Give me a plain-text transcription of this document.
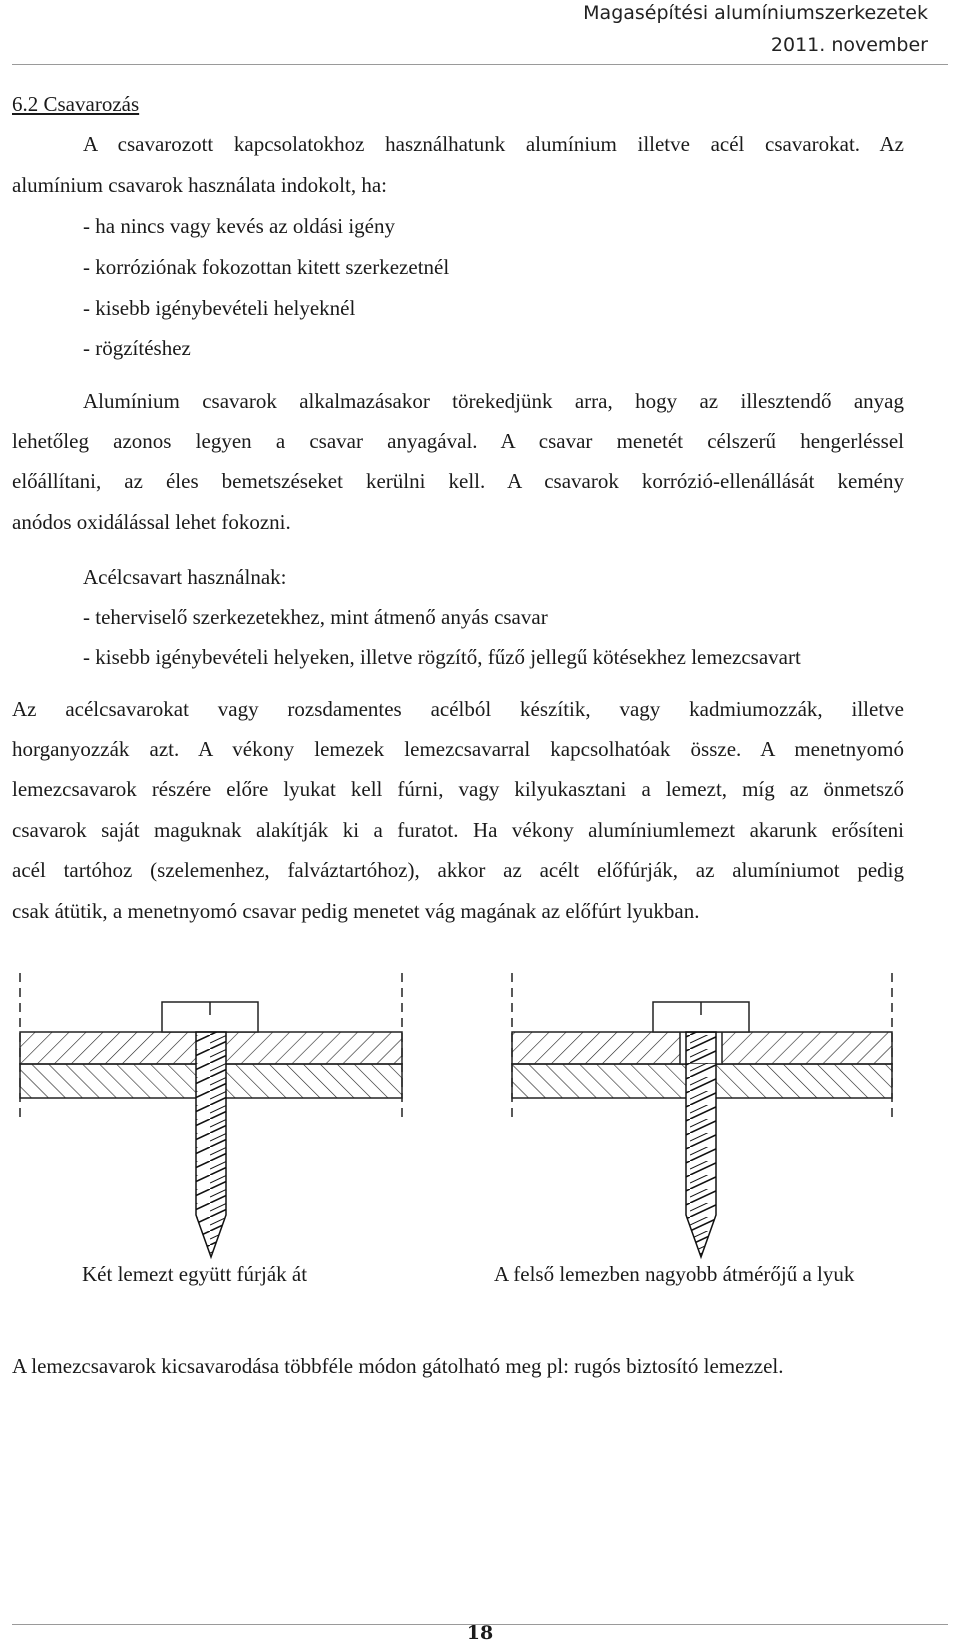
Magasépítési alumíniumszerkezetek
2011. november
6.2 Csavarozás
A csavarozott kapcsolatokhoz használhatunk alumínium illetve acél csavarokat. Az
alumínium csavarok használata indokolt, ha:
- ha nincs vagy kevés az oldási igény
- korróziónak fokozottan kitett szerkezetnél
- kisebb igénybevételi helyeknél
- rögzítéshez
Alumínium csavarok alkalmazásakor törekedjünk arra, hogy az illesztendő anyag
lehetőleg azonos legyen a csavar anyagával. A csavar menetét célszerű hengerléssel
előállítani, az éles bemetszéseket kerülni kell. A csavarok korrózió-ellenállását kemény
anódos oxidálással lehet fokozni.
Acélcsavart használnak:
- teherviselő szerkezetekhez, mint átmenő anyás csavar
- kisebb igénybevételi helyeken, illetve rögzítő, fűző jellegű kötésekhez lemezcsavart
Az acélcsavarokat vagy rozsdamentes acélból készítik, vagy kadmiumozzák, illetve
horganyozzák azt. A vékony lemezek lemezcsavarral kapcsolhatóak össze. A menetnyomó
lemezcsavarok részére előre lyukat kell fúrni, vagy kilyukasztani a lemezt, míg az önmetsző
csavarok saját maguknak alakítják ki a furatot. Ha vékony alumíniumlemezt akarunk erősíteni
acél tartóhoz (szelemenhez, falváztartóhoz), akkor az acélt előfúrják, az alumíniumot pedig
csak átütik, a menetnyomó csavar pedig menetet vág magának az előfúrt lyukban.
Két lemezt együtt fúrják át	A felső lemezben nagyobb átmérőjű a lyuk
A lemezcsavarok kicsavarodása többféle módon gátolható meg pl: rugós biztosító lemezzel.
18
